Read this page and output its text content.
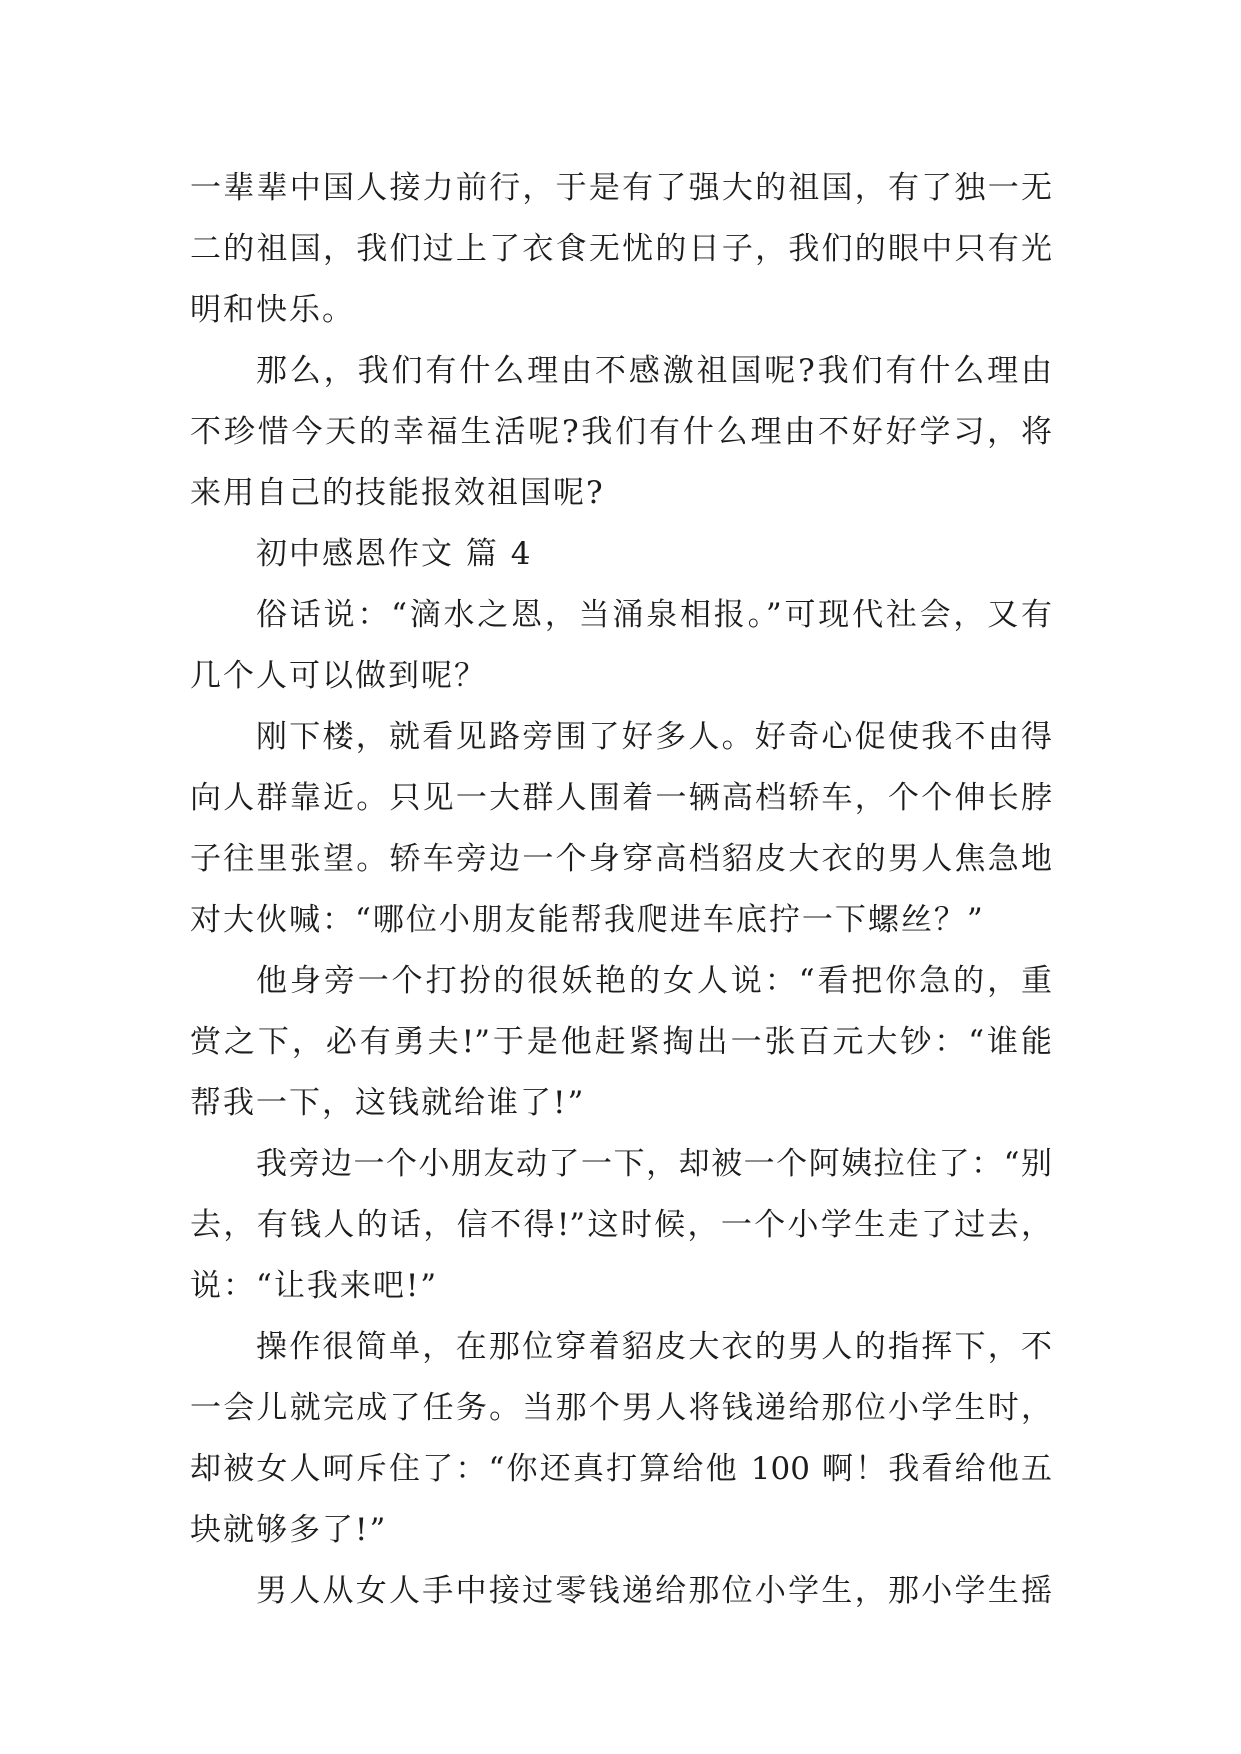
一辈辈中国人接力前行，于是有了强大的祖国，有了独一无
二的祖国，我们过上了衣食无忧的日子，我们的眼中只有光
明和快乐。
那么，我们有什么理由不感激祖国呢?我们有什么理由
不珍惜今天的幸福生活呢?我们有什么理由不好好学习，将
来用自己的技能报效祖国呢?
初中感恩作文 篇 4
俗话说：“滴水之恩，当涌泉相报。”可现代社会，又有
几个人可以做到呢？
刚下楼，就看见路旁围了好多人。好奇心促使我不由得
向人群靠近。只见一大群人围着一辆高档轿车，个个伸长脖
子往里张望。轿车旁边一个身穿高档貂皮大衣的男人焦急地
对大伙喊：“哪位小朋友能帮我爬进车底拧一下螺丝？”
他身旁一个打扮的很妖艳的女人说：“看把你急的，重
赏之下，必有勇夫!”于是他赶紧掏出一张百元大钞：“谁能
帮我一下，这钱就给谁了!”
我旁边一个小朋友动了一下，却被一个阿姨拉住了：“别
去，有钱人的话，信不得!”这时候，一个小学生走了过去，
说：“让我来吧!”
操作很简单，在那位穿着貂皮大衣的男人的指挥下，不
一会儿就完成了任务。当那个男人将钱递给那位小学生时，
却被女人呵斥住了：“你还真打算给他 100 啊！我看给他五
块就够多了!”
男人从女人手中接过零钱递给那位小学生，那小学生摇
